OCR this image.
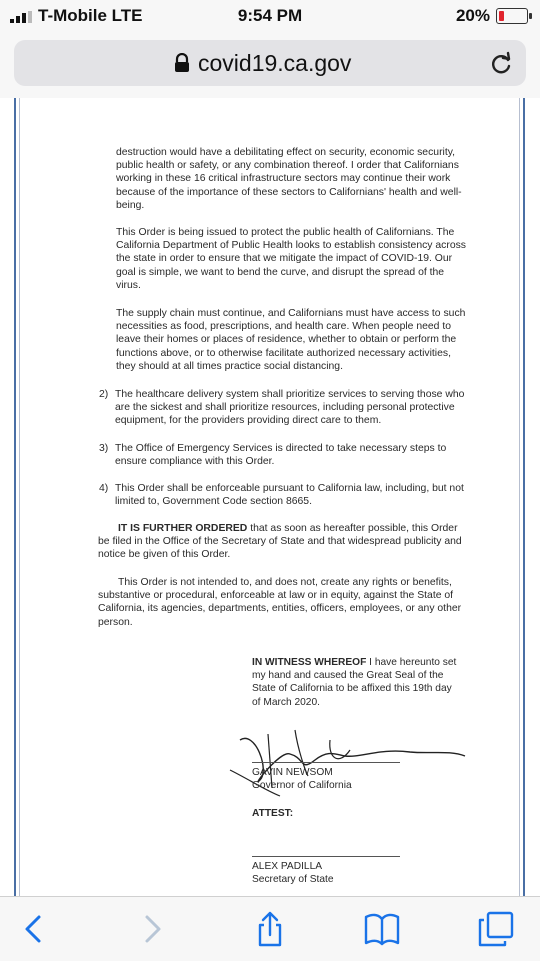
T-Mobile LTE	9:54 PM	20%
covid19.ca.gov

destruction would have a debilitating effect on security, economic security, public health or safety, or any combination thereof. I order that Californians working in these 16 critical infrastructure sectors may continue their work because of the importance of these sectors to Californians' health and well-being.

This Order is being issued to protect the public health of Californians. The California Department of Public Health looks to establish consistency across the state in order to ensure that we mitigate the impact of COVID-19. Our goal is simple, we want to bend the curve, and disrupt the spread of the virus.

The supply chain must continue, and Californians must have access to such necessities as food, prescriptions, and health care. When people need to leave their homes or places of residence, whether to obtain or perform the functions above, or to otherwise facilitate authorized necessary activities, they should at all times practice social distancing.

2) The healthcare delivery system shall prioritize services to serving those who are the sickest and shall prioritize resources, including personal protective equipment, for the providers providing direct care to them.
3) The Office of Emergency Services is directed to take necessary steps to ensure compliance with this Order.
4) This Order shall be enforceable pursuant to California law, including, but not limited to, Government Code section 8665.
IT IS FURTHER ORDERED that as soon as hereafter possible, this Order be filed in the Office of the Secretary of State and that widespread publicity and notice be given of this Order.
This Order is not intended to, and does not, create any rights or benefits, substantive or procedural, enforceable at law or in equity, against the State of California, its agencies, departments, entities, officers, employees, or any other person.
IN WITNESS WHEREOF I have hereunto set my hand and caused the Great Seal of the State of California to be affixed this 19th day of March 2020.
GAVIN NEWSOM
Governor of California
ATTEST:
ALEX PADILLA
Secretary of State
